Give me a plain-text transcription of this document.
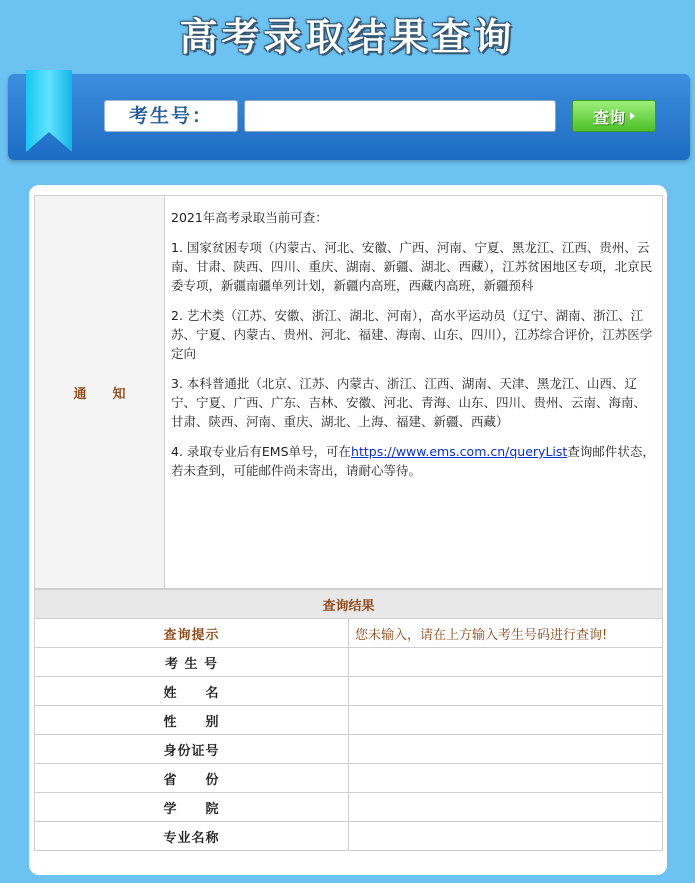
高考录取结果查询
考生号：	查询
通　　知	

2021年高考录取当前可查：

1. 国家贫困专项（内蒙古、河北、安徽、广西、河南、宁夏、黑龙江、江西、贵州、云南、甘肃、陕西、四川、重庆、湖南、新疆、湖北、西藏），江苏贫困地区专项，北京民委专项，新疆南疆单列计划，新疆内高班，西藏内高班，新疆预科

2. 艺术类（江苏、安徽、浙江、湖北、河南），高水平运动员（辽宁、湖南、浙江、江苏、宁夏、内蒙古、贵州、河北、福建、海南、山东、四川），江苏综合评价，江苏医学定向

3. 本科普通批（北京、江苏、内蒙古、浙江、江西、湖南、天津、黑龙江、山西、辽宁、宁夏、广西、广东、吉林、安徽、河北、青海、山东、四川、贵州、云南、海南、甘肃、陕西、河南、重庆、湖北、上海、福建、新疆、西藏）

4. 录取专业后有EMS单号，可在https://www.ems.com.cn/queryList查询邮件状态，若未查到，可能邮件尚未寄出，请耐心等待。

查询结果	
查询提示	您未输入，请在上方输入考生号码进行查询!
考 生 号	
姓　　名	
性　　别	
身份证号	
省　　份	
学　　院	
专业名称	
